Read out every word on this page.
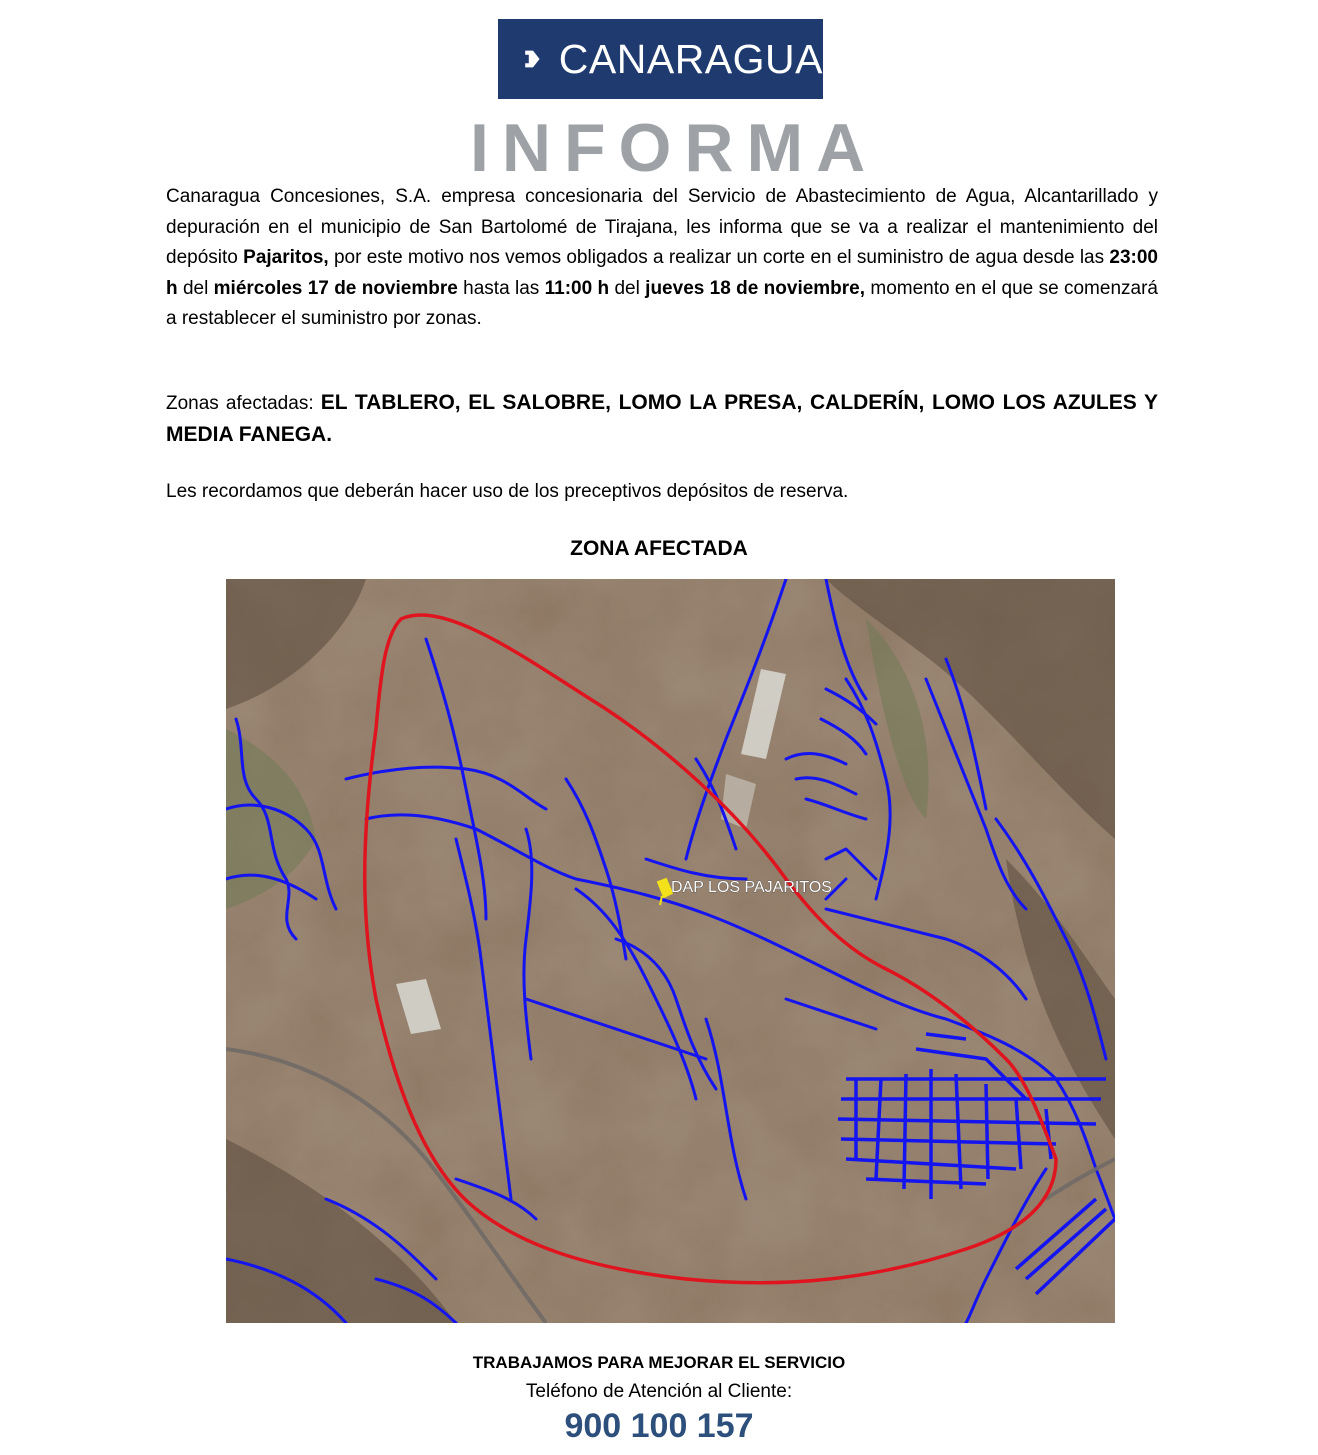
CANARAGUA
INFORMA
Canaragua Concesiones, S.A. empresa concesionaria del Servicio de Abastecimiento de Agua, Alcantarillado y depuración en el municipio de San Bartolomé de Tirajana, les informa que se va a realizar el mantenimiento del depósito Pajaritos, por este motivo nos vemos obligados a realizar un corte en el suministro de agua desde las 23:00 h del miércoles 17 de noviembre hasta las 11:00 h del jueves 18 de noviembre, momento en el que se comenzará a restablecer el suministro por zonas.
Zonas afectadas: EL TABLERO, EL SALOBRE, LOMO LA PRESA, CALDERÍN, LOMO LOS AZULES Y MEDIA FANEGA.
Les recordamos que deberán hacer uso de los preceptivos depósitos de reserva.
ZONA AFECTADA
DAP LOS PAJARITOS
TRABAJAMOS PARA MEJORAR EL SERVICIO
Teléfono de Atención al Cliente:
900 100 157
